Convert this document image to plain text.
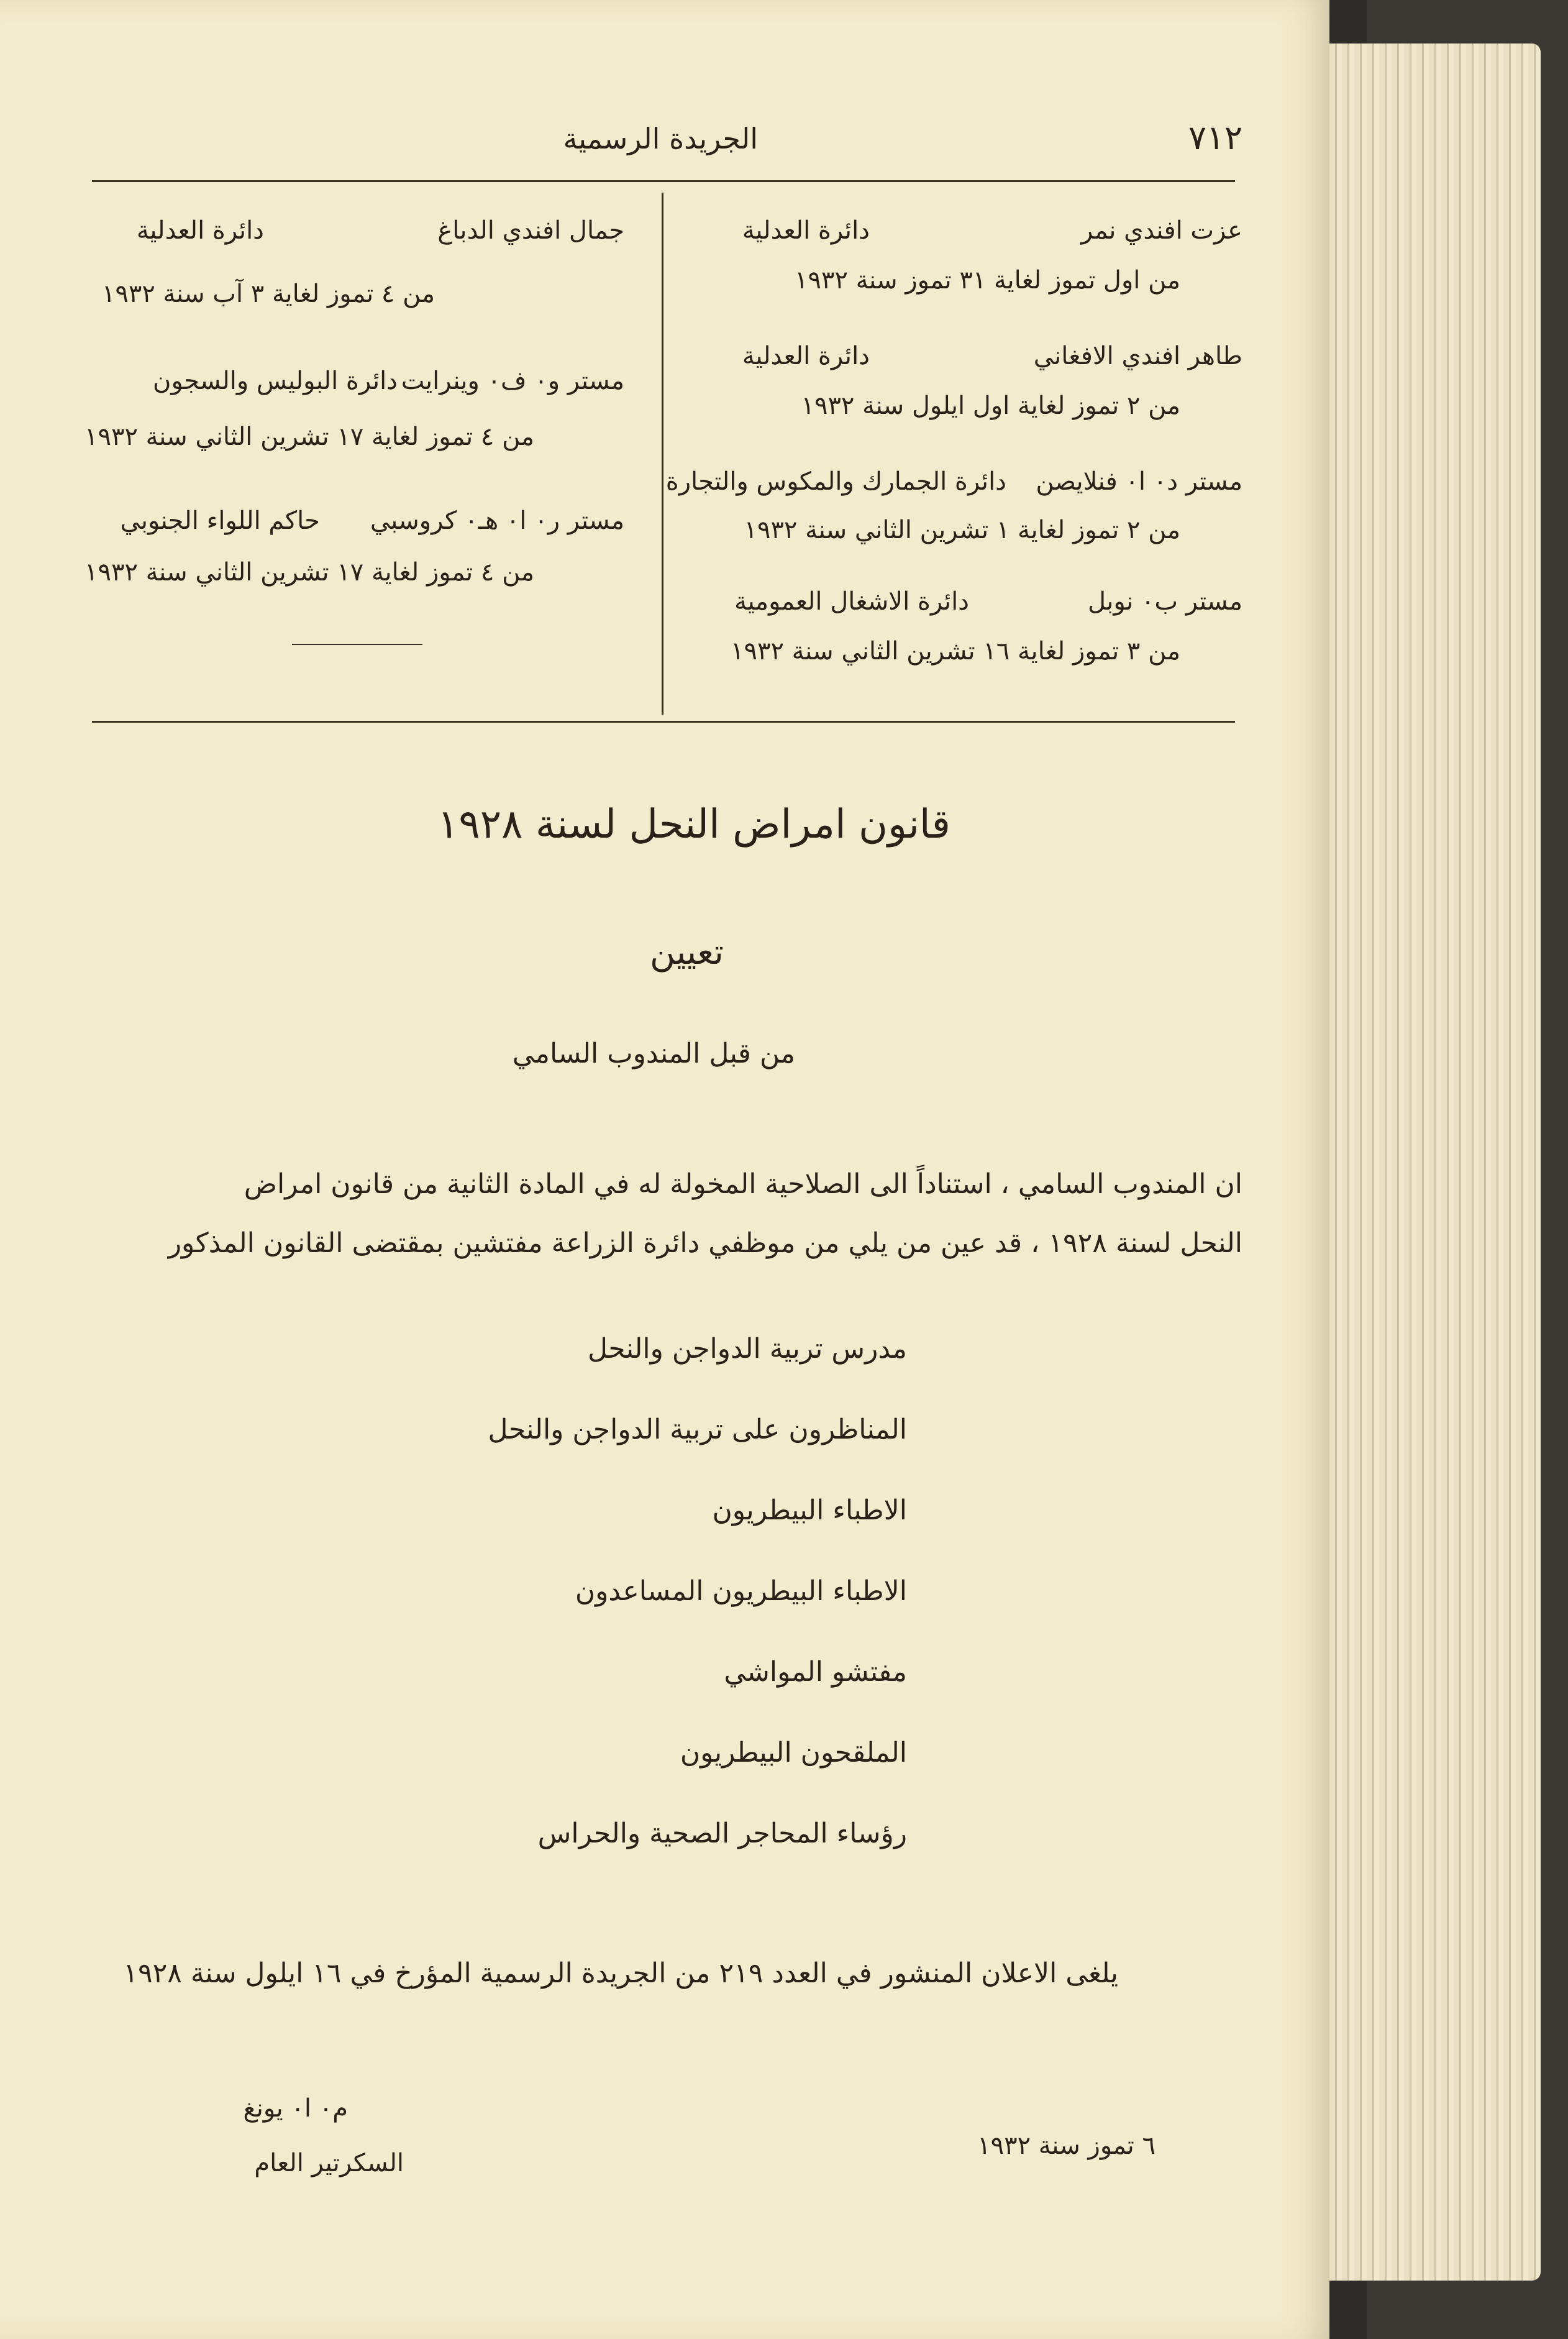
٧١٢
الجريدة الرسمية
عزت افندي نمر
دائرة العدلية
من اول تموز لغاية ٣١ تموز سنة ١٩٣٢
طاهر افندي الافغاني
دائرة العدلية
من ٢ تموز لغاية اول ايلول سنة ١٩٣٢
مستر د٠ ا٠ فنلايصن
دائرة الجمارك والمكوس والتجارة
من ٢ تموز لغاية ١ تشرين الثاني سنة ١٩٣٢
مستر ب٠ نوبل
دائرة الاشغال العمومية
من ٣ تموز لغاية ١٦ تشرين الثاني سنة ١٩٣٢
جمال افندي الدباغ
دائرة العدلية
من ٤ تموز لغاية ٣ آب سنة ١٩٣٢
مستر و٠ ف٠ وينرايت
دائرة البوليس والسجون
من ٤ تموز لغاية ١٧ تشرين الثاني سنة ١٩٣٢
مستر ر٠ ا٠ هـ٠ كروسبي
حاكم اللواء الجنوبي
من ٤ تموز لغاية ١٧ تشرين الثاني سنة ١٩٣٢
قانون امراض النحل لسنة ١٩٢٨
تعيين
من قبل المندوب السامي
ان المندوب السامي ، استناداً الى الصلاحية المخولة له في المادة الثانية من قانون امراض
النحل لسنة ١٩٢٨ ، قد عين من يلي من موظفي دائرة الزراعة مفتشين بمقتضى القانون المذكور
مدرس تربية الدواجن والنحل
المناظرون على تربية الدواجن والنحل
الاطباء البيطريون
الاطباء البيطريون المساعدون
مفتشو المواشي
الملقحون البيطريون
رؤساء المحاجر الصحية والحراس
يلغى الاعلان المنشور في العدد ٢١٩ من الجريدة الرسمية المؤرخ في ١٦ ايلول سنة ١٩٢٨
٦ تموز سنة ١٩٣٢
م٠ ا٠ يونغ
السكرتير العام
